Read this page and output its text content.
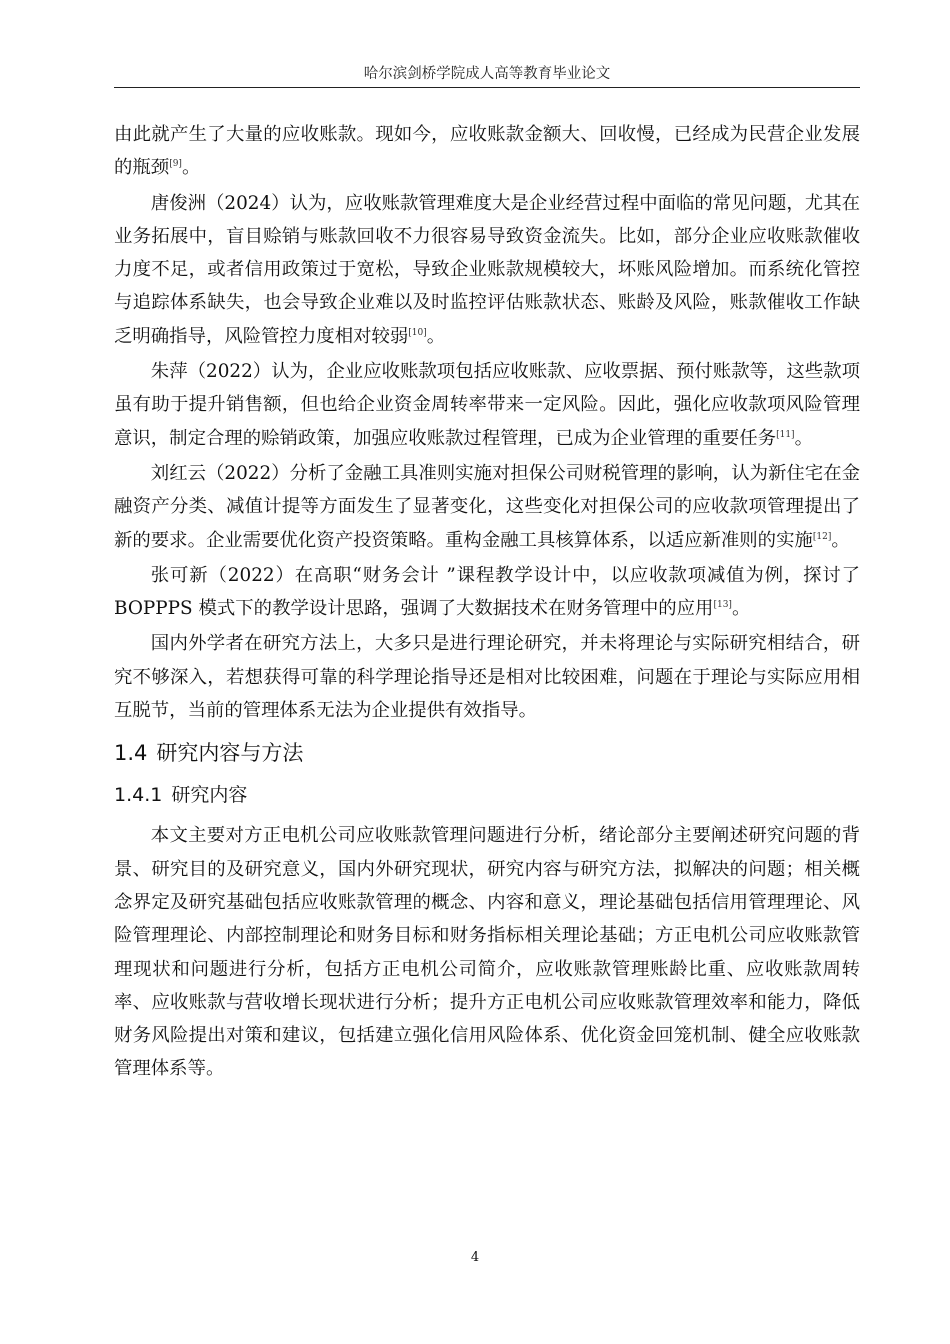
哈尔滨剑桥学院成人高等教育毕业论文

由此就产生了大量的应收账款。现如今，应收账款金额大、回收慢，已经成为民营企业发展的瓶颈[9]。

唐俊洲（2024）认为，应收账款管理难度大是企业经营过程中面临的常见问题，尤其在业务拓展中，盲目赊销与账款回收不力很容易导致资金流失。比如，部分企业应收账款催收力度不足，或者信用政策过于宽松，导致企业账款规模较大，坏账风险增加。而系统化管控与追踪体系缺失，也会导致企业难以及时监控评估账款状态、账龄及风险，账款催收工作缺乏明确指导，风险管控力度相对较弱[10]。

朱萍（2022）认为，企业应收账款项包括应收账款、应收票据、预付账款等，这些款项虽有助于提升销售额，但也给企业资金周转率带来一定风险。因此，强化应收款项风险管理意识，制定合理的赊销政策，加强应收账款过程管理，已成为企业管理的重要任务[11]。

刘红云（2022）分析了金融工具准则实施对担保公司财税管理的影响，认为新住宅在金融资产分类、减值计提等方面发生了显著变化，这些变化对担保公司的应收款项管理提出了新的要求。企业需要优化资产投资策略。重构金融工具核算体系，以适应新准则的实施[12]。

张可新（2022）在高职“财务会计 ”课程教学设计中，以应收款项减值为例，探讨了 BOPPPS 模式下的教学设计思路，强调了大数据技术在财务管理中的应用[13]。

国内外学者在研究方法上，大多只是进行理论研究，并未将理论与实际研究相结合，研究不够深入，若想获得可靠的科学理论指导还是相对比较困难，问题在于理论与实际应用相互脱节，当前的管理体系无法为企业提供有效指导。

1.4 研究内容与方法
1.4.1 研究内容

本文主要对方正电机公司应收账款管理问题进行分析，绪论部分主要阐述研究问题的背景、研究目的及研究意义，国内外研究现状，研究内容与研究方法，拟解决的问题；相关概念界定及研究基础包括应收账款管理的概念、内容和意义，理论基础包括信用管理理论、风险管理理论、内部控制理论和财务目标和财务指标相关理论基础；方正电机公司应收账款管理现状和问题进行分析，包括方正电机公司简介，应收账款管理账龄比重、应收账款周转率、应收账款与营收增长现状进行分析；提升方正电机公司应收账款管理效率和能力，降低财务风险提出对策和建议，包括建立强化信用风险体系、优化资金回笼机制、健全应收账款管理体系等。

4
